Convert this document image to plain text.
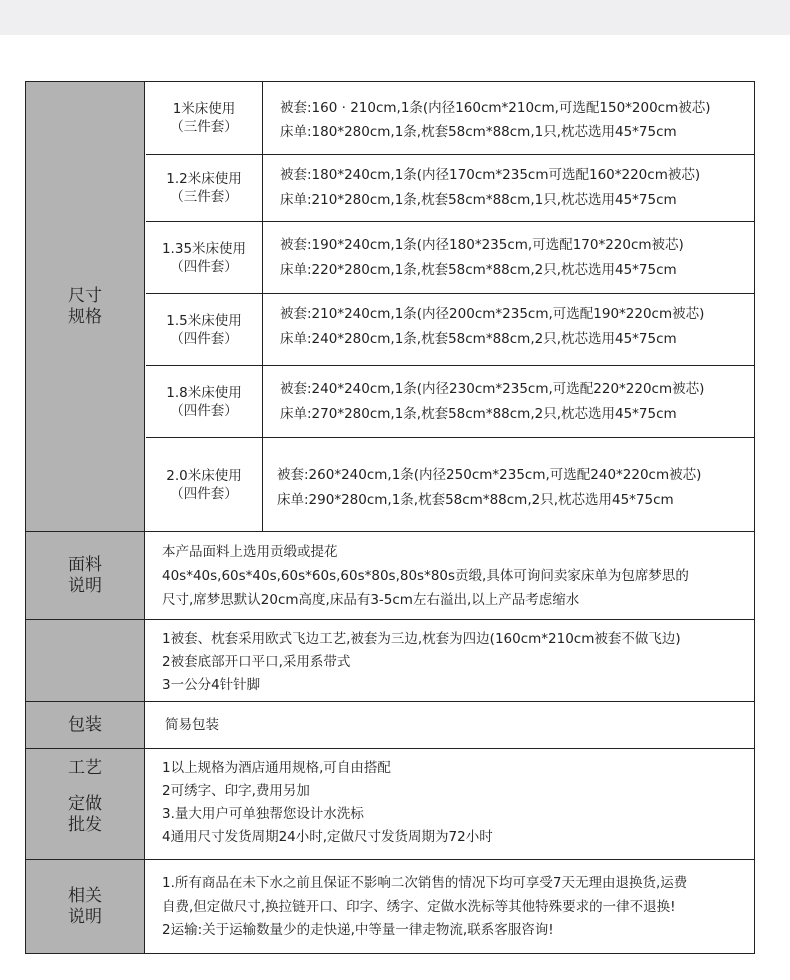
尺寸
规格
面料
说明
包装
工艺
定做
批发
相关
说明
1米床使用
（三件套）
1.2米床使用
（三件套）
1.35米床使用
（四件套）
1.5米床使用
（四件套）
1.8米床使用
（四件套）
2.0米床使用
（四件套）
被套:160 · 210cm,1条(内径160cm*210cm,可选配150*200cm被芯)
床单:180*280cm,1条,枕套58cm*88cm,1只,枕芯选用45*75cm
被套:180*240cm,1条(内径170cm*235cm可选配160*220cm被芯)
床单:210*280cm,1条,枕套58cm*88cm,1只,枕芯选用45*75cm
被套:190*240cm,1条(内径180*235cm,可选配170*220cm被芯)
床单:220*280cm,1条,枕套58cm*88cm,2只,枕芯选用45*75cm
被套:210*240cm,1条(内径200cm*235cm,可选配190*220cm被芯)
床单:240*280cm,1条,枕套58cm*88cm,2只,枕芯选用45*75cm
被套:240*240cm,1条(内径230cm*235cm,可选配220*220cm被芯)
床单:270*280cm,1条,枕套58cm*88cm,2只,枕芯选用45*75cm
被套:260*240cm,1条(内径250cm*235cm,可选配240*220cm被芯)
床单:290*280cm,1条,枕套58cm*88cm,2只,枕芯选用45*75cm
本产品面料上选用贡缎或提花
40s*40s,60s*40s,60s*60s,60s*80s,80s*80s贡缎,具体可询问卖家床单为包席梦思的
尺寸,席梦思默认20cm高度,床品有3-5cm左右溢出,以上产品考虑缩水
1被套、枕套采用欧式飞边工艺,被套为三边,枕套为四边(160cm*210cm被套不做飞边)
2被套底部开口平口,采用系带式
3一公分4针针脚
简易包装
1以上规格为酒店通用规格,可自由搭配
2可绣字、印字,费用另加
3.量大用户可单独帮您设计水洗标
4通用尺寸发货周期24小时,定做尺寸发货周期为72小时
1.所有商品在未下水之前且保证不影响二次销售的情况下均可享受7天无理由退换货,运费
自费,但定做尺寸,换拉链开口、印字、绣字、定做水洗标等其他特殊要求的一律不退换!
2运输:关于运输数量少的走快递,中等量一律走物流,联系客服咨询!
